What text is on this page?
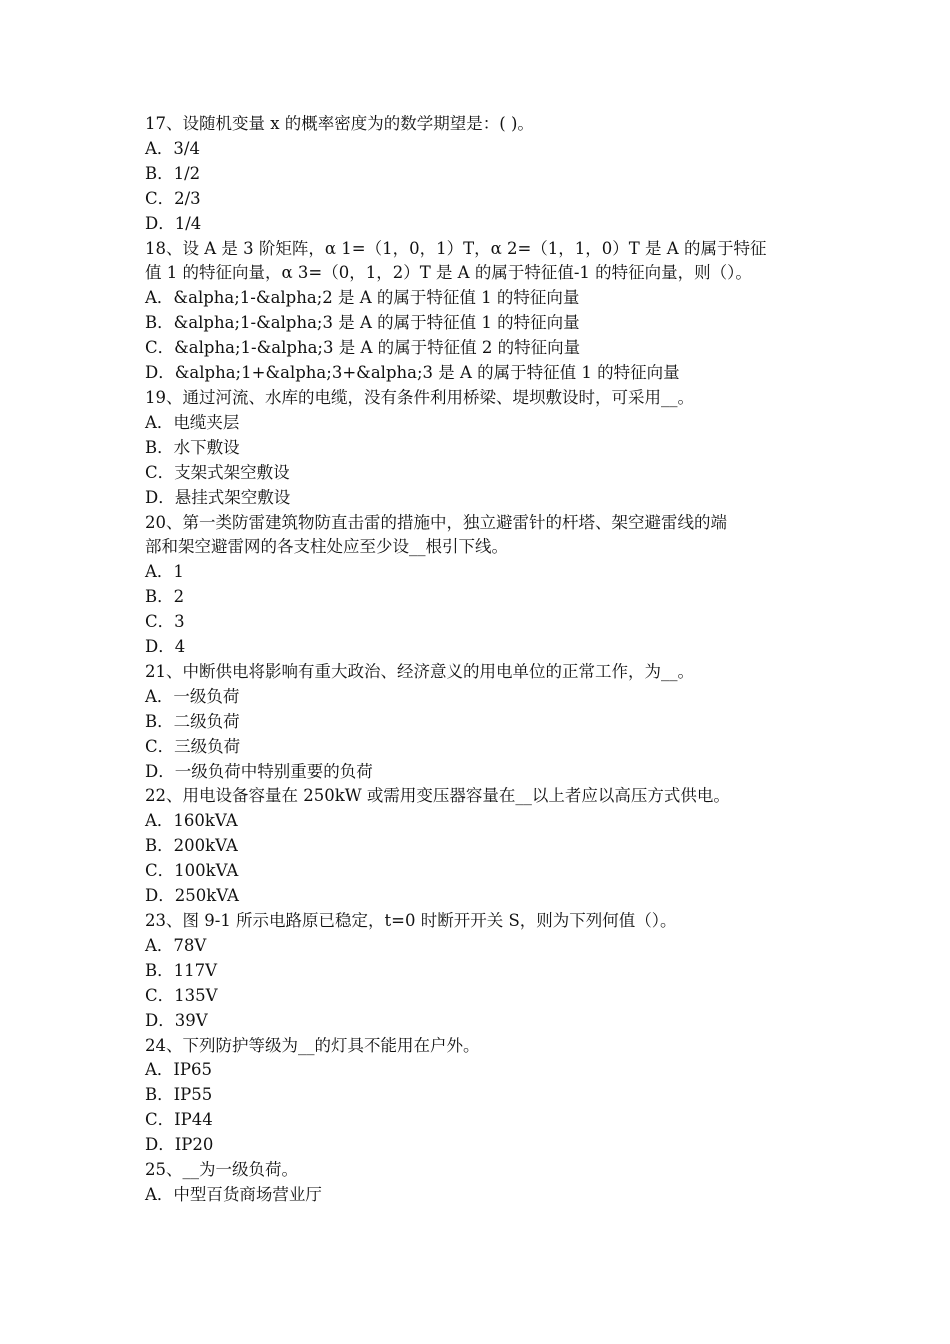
17、设随机变量 x 的概率密度为的数学期望是：( )。
A．3/4
B．1/2
C．2/3
D．1/4
18、设 A 是 3 阶矩阵，α 1=（1，0，1）T，α 2=（1，1，0）T 是 A 的属于特征
值 1 的特征向量，α 3=（0，1，2）T 是 A 的属于特征值-1 的特征向量，则（）。
A．&alpha;1-&alpha;2 是 A 的属于特征值 1 的特征向量
B．&alpha;1-&alpha;3 是 A 的属于特征值 1 的特征向量
C．&alpha;1-&alpha;3 是 A 的属于特征值 2 的特征向量
D．&alpha;1+&alpha;3+&alpha;3 是 A 的属于特征值 1 的特征向量
19、通过河流、水库的电缆，没有条件利用桥梁、堤坝敷设时，可采用__。
A．电缆夹层
B．水下敷设
C．支架式架空敷设
D．悬挂式架空敷设
20、第一类防雷建筑物防直击雷的措施中，独立避雷针的杆塔、架空避雷线的端
部和架空避雷网的各支柱处应至少设__根引下线。
A．1
B．2
C．3
D．4
21、中断供电将影响有重大政治、经济意义的用电单位的正常工作，为__。
A．一级负荷
B．二级负荷
C．三级负荷
D．一级负荷中特别重要的负荷
22、用电设备容量在 250kW 或需用变压器容量在__以上者应以高压方式供电。
A．160kVA
B．200kVA
C．100kVA
D．250kVA
23、图 9-1 所示电路原已稳定，t=0 时断开开关 S，则为下列何值（）。
A．78V
B．117V
C．135V
D．39V
24、下列防护等级为__的灯具不能用在户外。
A．IP65
B．IP55
C．IP44
D．IP20
25、__为一级负荷。
A．中型百货商场营业厅
